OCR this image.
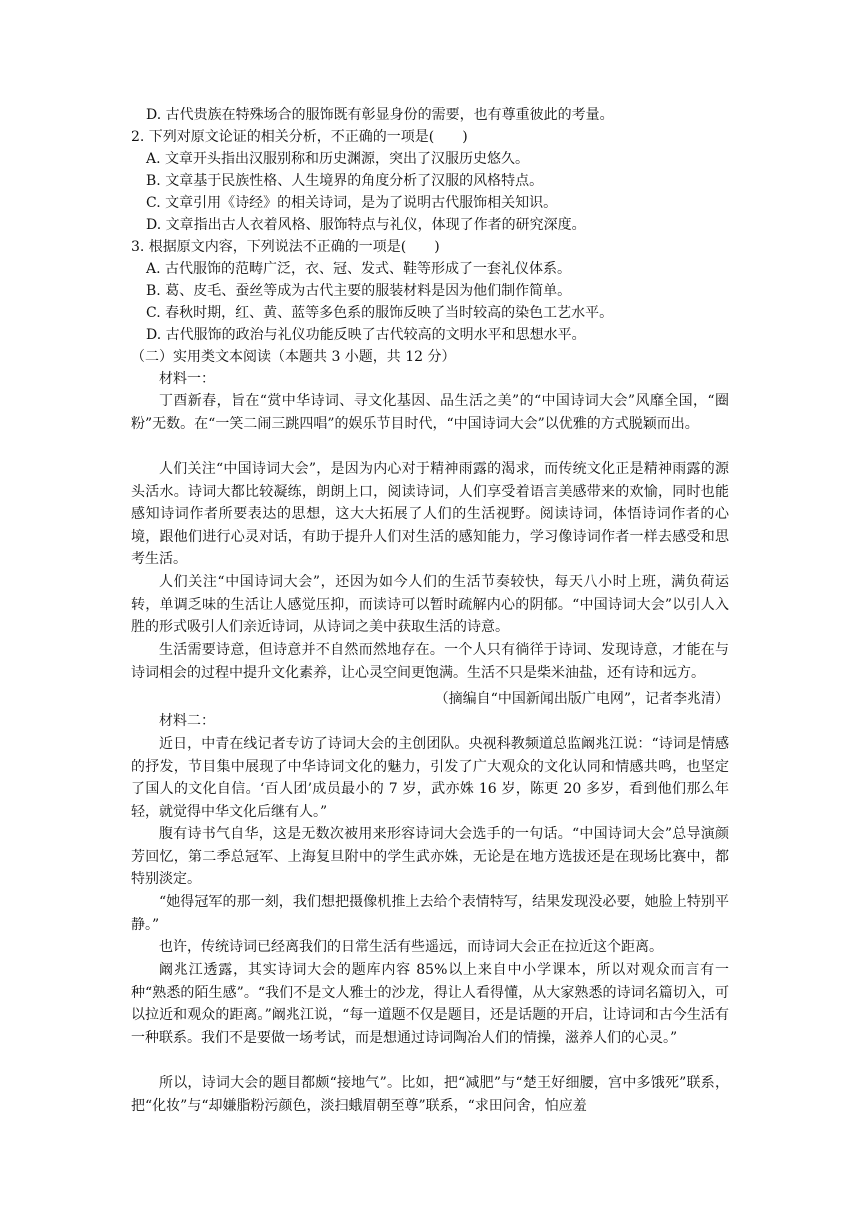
D. 古代贵族在特殊场合的服饰既有彰显身份的需要，也有尊重彼此的考量。
2. 下列对原文论证的相关分析，不正确的一项是(　　)
A. 文章开头指出汉服别称和历史渊源，突出了汉服历史悠久。
B. 文章基于民族性格、人生境界的角度分析了汉服的风格特点。
C. 文章引用《诗经》的相关诗词，是为了说明古代服饰相关知识。
D. 文章指出古人衣着风格、服饰特点与礼仪，体现了作者的研究深度。
3. 根据原文内容，下列说法不正确的一项是(　　)
A. 古代服饰的范畴广泛，衣、冠、发式、鞋等形成了一套礼仪体系。
B. 葛、皮毛、蚕丝等成为古代主要的服装材料是因为他们制作简单。
C. 春秋时期，红、黄、蓝等多色系的服饰反映了当时较高的染色工艺水平。
D. 古代服饰的政治与礼仪功能反映了古代较高的文明水平和思想水平。
（二）实用类文本阅读（本题共 3 小题，共 12 分）
材料一：
丁酉新春，旨在“赏中华诗词、寻文化基因、品生活之美”的“中国诗词大会”风靡全国，“圈粉”无数。在“一笑二闹三跳四唱”的娱乐节目时代，“中国诗词大会”以优雅的方式脱颖而出。
人们关注“中国诗词大会”，是因为内心对于精神雨露的渴求，而传统文化正是精神雨露的源头活水。诗词大都比较凝练，朗朗上口，阅读诗词，人们享受着语言美感带来的欢愉，同时也能感知诗词作者所要表达的思想，这大大拓展了人们的生活视野。阅读诗词，体悟诗词作者的心境，跟他们进行心灵对话，有助于提升人们对生活的感知能力，学习像诗词作者一样去感受和思考生活。
人们关注“中国诗词大会”，还因为如今人们的生活节奏较快，每天八小时上班，满负荷运转，单调乏味的生活让人感觉压抑，而读诗可以暂时疏解内心的阴郁。“中国诗词大会”以引人入胜的形式吸引人们亲近诗词，从诗词之美中获取生活的诗意。
生活需要诗意，但诗意并不自然而然地存在。一个人只有徜徉于诗词、发现诗意，才能在与诗词相会的过程中提升文化素养，让心灵空间更饱满。生活不只是柴米油盐，还有诗和远方。
（摘编自“中国新闻出版广电网”，记者李兆清）
材料二：
近日，中青在线记者专访了诗词大会的主创团队。央视科教频道总监阚兆江说：“诗词是情感的抒发，节目集中展现了中华诗词文化的魅力，引发了广大观众的文化认同和情感共鸣，也坚定了国人的文化自信。‘百人团’成员最小的 7 岁，武亦姝 16 岁，陈更 20 多岁，看到他们那么年轻，就觉得中华文化后继有人。”
腹有诗书气自华，这是无数次被用来形容诗词大会选手的一句话。“中国诗词大会”总导演颜芳回忆，第二季总冠军、上海复旦附中的学生武亦姝，无论是在地方选拔还是在现场比赛中，都特别淡定。
“她得冠军的那一刻，我们想把摄像机推上去给个表情特写，结果发现没必要，她脸上特别平静。”
也许，传统诗词已经离我们的日常生活有些遥远，而诗词大会正在拉近这个距离。
阚兆江透露，其实诗词大会的题库内容 85%以上来自中小学课本，所以对观众而言有一种“熟悉的陌生感”。“我们不是文人雅士的沙龙，得让人看得懂，从大家熟悉的诗词名篇切入，可以拉近和观众的距离。”阚兆江说，“每一道题不仅是题目，还是话题的开启，让诗词和古今生活有一种联系。我们不是要做一场考试，而是想通过诗词陶冶人们的情操，滋养人们的心灵。”
所以，诗词大会的题目都颇“接地气”。比如，把“减肥”与“楚王好细腰，宫中多饿死”联系，把“化妆”与“却嫌脂粉污颜色，淡扫蛾眉朝至尊”联系，“求田问舍，怕应羞
